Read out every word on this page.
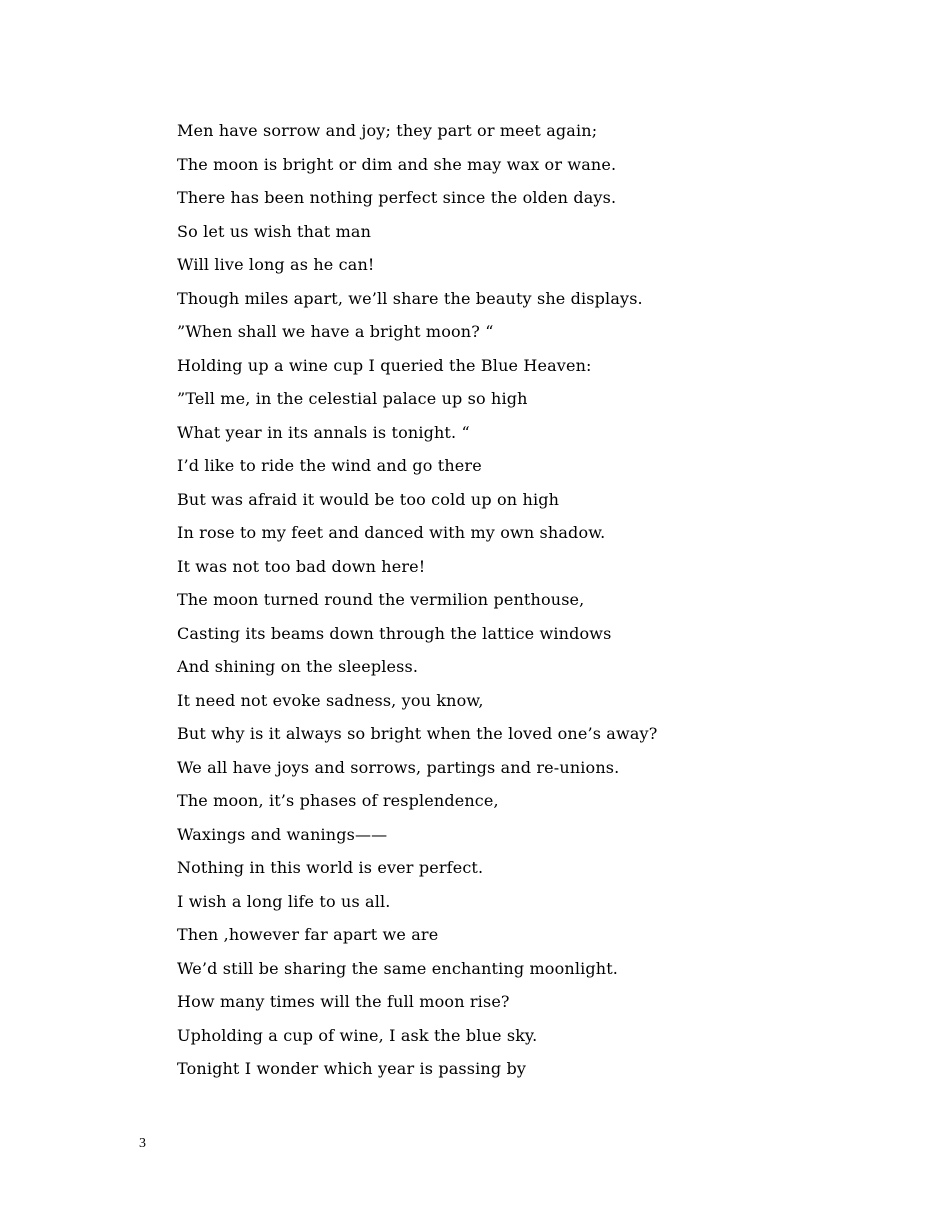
Men have sorrow and joy; they part or meet again;
The moon is bright or dim and she may wax or wane.
There has been nothing perfect since the olden days.
So let us wish that man
Will live long as he can!
Though miles apart, we’ll share the beauty she displays.
”When shall we have a bright moon? “
Holding up a wine cup I queried the Blue Heaven:
”Tell me, in the celestial palace up so high
What year in its annals is tonight. “
I’d like to ride the wind and go there
But was afraid it would be too cold up on high
In rose to my feet and danced with my own shadow.
It was not too bad down here!
The moon turned round the vermilion penthouse,
Casting its beams down through the lattice windows
And shining on the sleepless.
It need not evoke sadness, you know,
But why is it always so bright when the loved one’s away?
We all have joys and sorrows, partings and re-unions.
The moon, it’s phases of resplendence,
Waxings and wanings——
Nothing in this world is ever perfect.
I wish a long life to us all.
Then ,however far apart we are
We’d still be sharing the same enchanting moonlight.
How many times will the full moon rise?
Upholding a cup of wine, I ask the blue sky.
Tonight I wonder which year is passing by
3
